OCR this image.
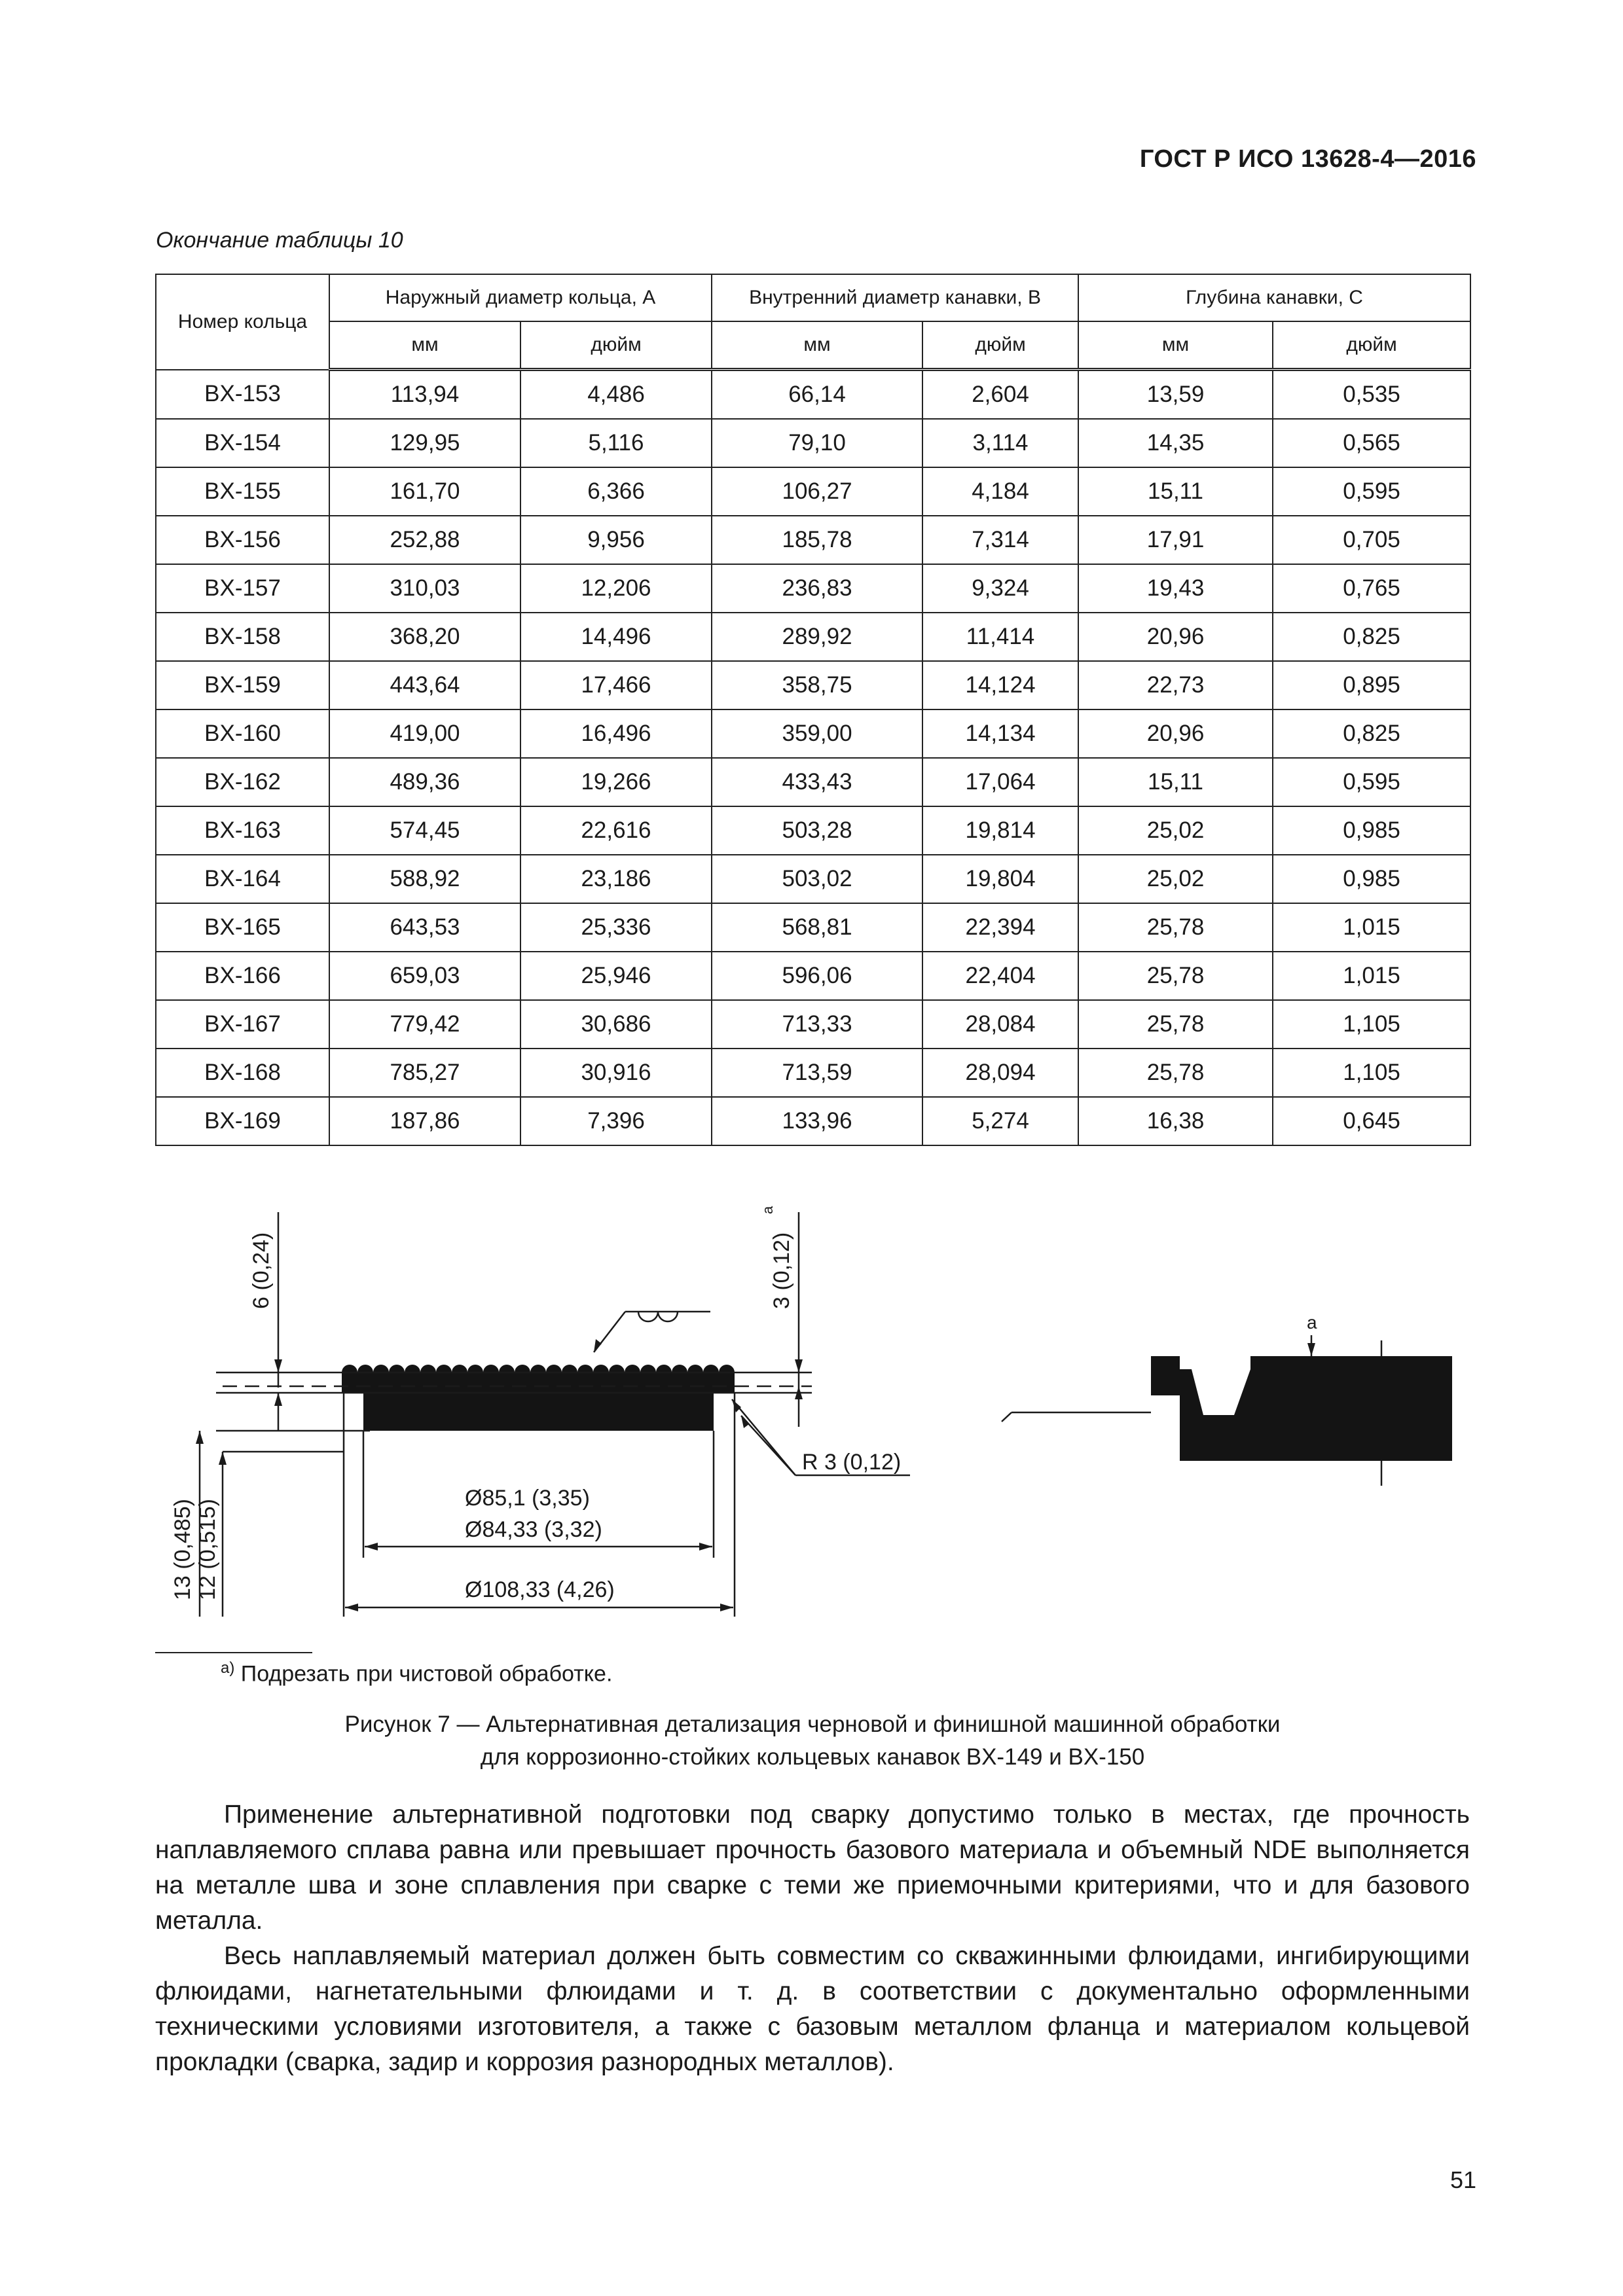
ГОСТ Р ИСО 13628-4—2016
Окончание таблицы 10
Номер кольца	Наружный диаметр кольца, A		Внутренний диаметр канавки, B		Глубина канавки, C	
	мм	дюйм	мм	дюйм	мм	дюйм
BX-153	113,94	4,486	66,14	2,604	13,59	0,535
BX-154	129,95	5,116	79,10	3,114	14,35	0,565
BX-155	161,70	6,366	106,27	4,184	15,11	0,595
BX-156	252,88	9,956	185,78	7,314	17,91	0,705
BX-157	310,03	12,206	236,83	9,324	19,43	0,765
BX-158	368,20	14,496	289,92	11,414	20,96	0,825
BX-159	443,64	17,466	358,75	14,124	22,73	0,895
BX-160	419,00	16,496	359,00	14,134	20,96	0,825
BX-162	489,36	19,266	433,43	17,064	15,11	0,595
BX-163	574,45	22,616	503,28	19,814	25,02	0,985
BX-164	588,92	23,186	503,02	19,804	25,02	0,985
BX-165	643,53	25,336	568,81	22,394	25,78	1,015
BX-166	659,03	25,946	596,06	22,404	25,78	1,015
BX-167	779,42	30,686	713,33	28,084	25,78	1,105
BX-168	785,27	30,916	713,59	28,094	25,78	1,105
BX-169	187,86	7,396	133,96	5,274	16,38	0,645
6 (0,24)	3 (0,12)
a
13 (0,485) 12 (0,515)
R 3 (0,12)
Ø85,1 (3,35)
Ø84,33 (3,32)
Ø108,33 (4,26)
a
$^{а)}$ Подрезать при чистовой обработке.
Рисунок 7 — Альтернативная детализация черновой и финишной машинной обработки
для коррозионно-стойких кольцевых канавок BX-149 и BX-150
Применение альтернативной подготовки под сварку допустимо только в местах, где прочность наплавляемого сплава равна или превышает прочность базового материала и объемный NDE выполняется на металле шва и зоне сплавления при сварке с теми же приемочными критериями, что и для базового металла.
Весь наплавляемый материал должен быть совместим со скважинными флюидами, ингибирующими флюидами, нагнетательными флюидами и т. д. в соответствии с документально оформленными техническими условиями изготовителя, а также с базовым металлом фланца и материалом кольцевой прокладки (сварка, задир и коррозия разнородных металлов).
51
